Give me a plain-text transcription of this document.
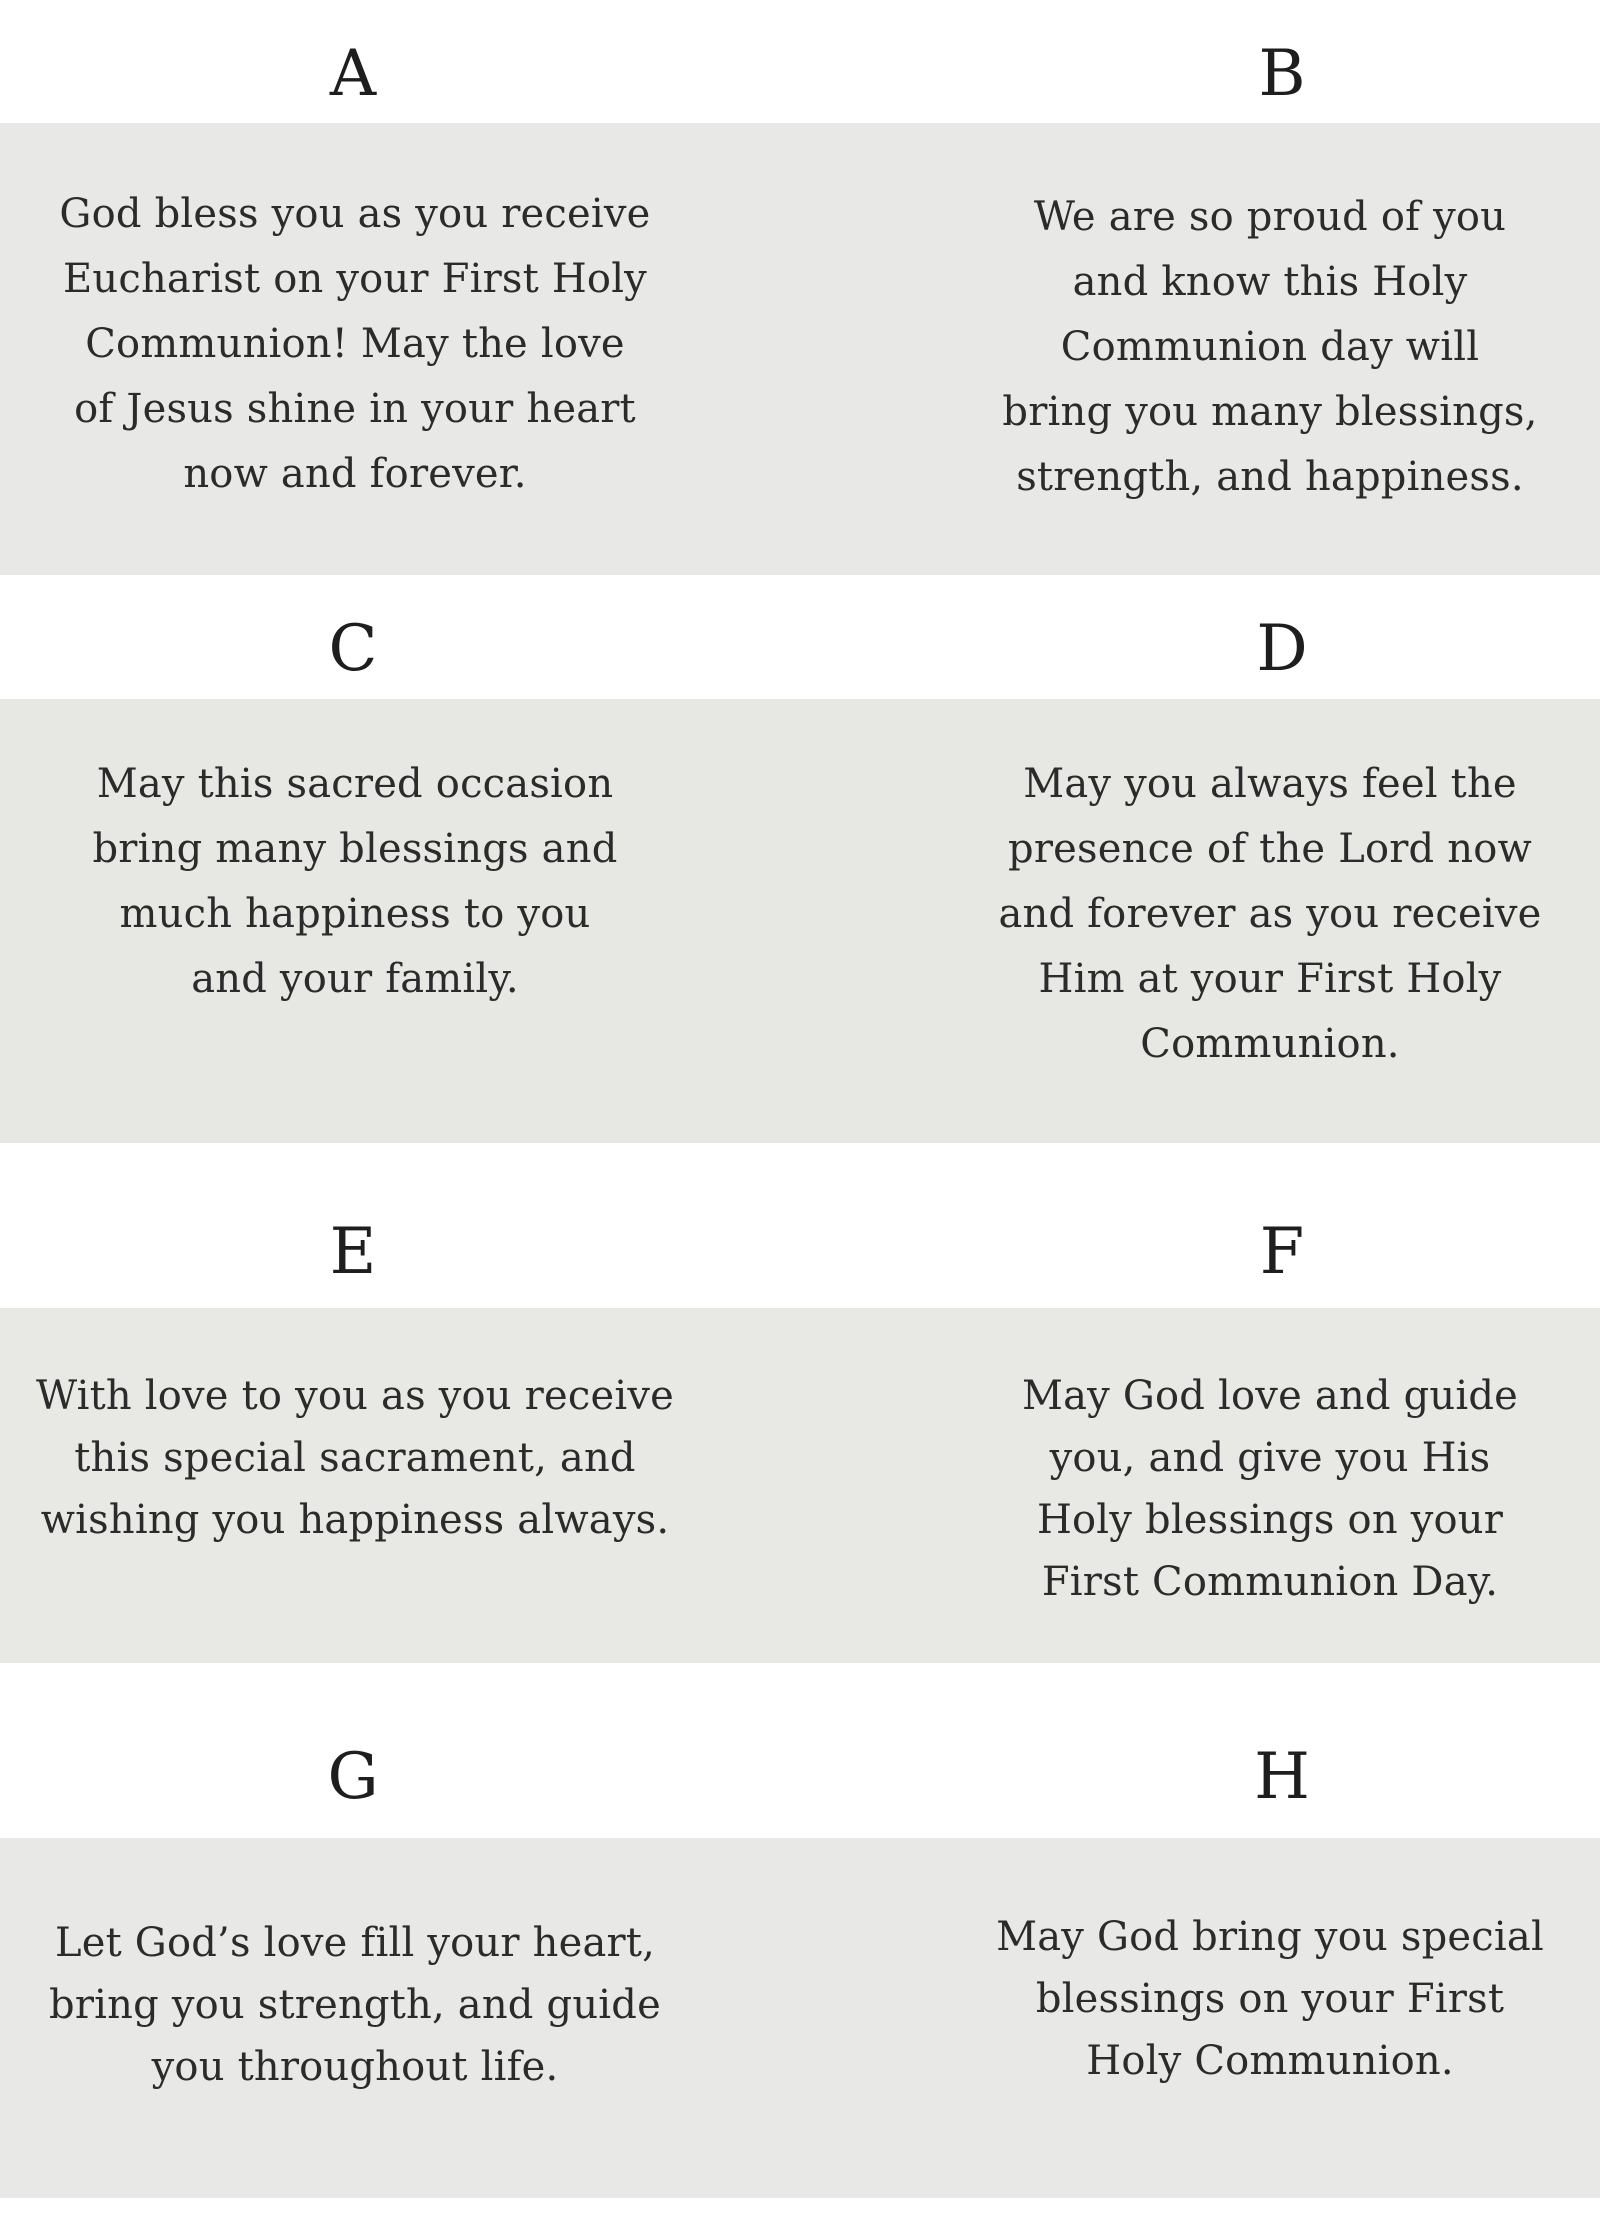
A	B
God bless you as you receive
Eucharist on your First Holy
Communion! May the love
of Jesus shine in your heart
now and forever.
We are so proud of you
and know this Holy
Communion day will
bring you many blessings,
strength, and happiness.
C	D
May this sacred occasion
bring many blessings and
much happiness to you
and your family.
May you always feel the
presence of the Lord now
and forever as you receive
Him at your First Holy
Communion.
E	F
With love to you as you receive
this special sacrament, and
wishing you happiness always.
May God love and guide
you, and give you His
Holy blessings on your
First Communion Day.
G	H
Let God’s love fill your heart,
bring you strength, and guide
you throughout life.
May God bring you special
blessings on your First
Holy Communion.
